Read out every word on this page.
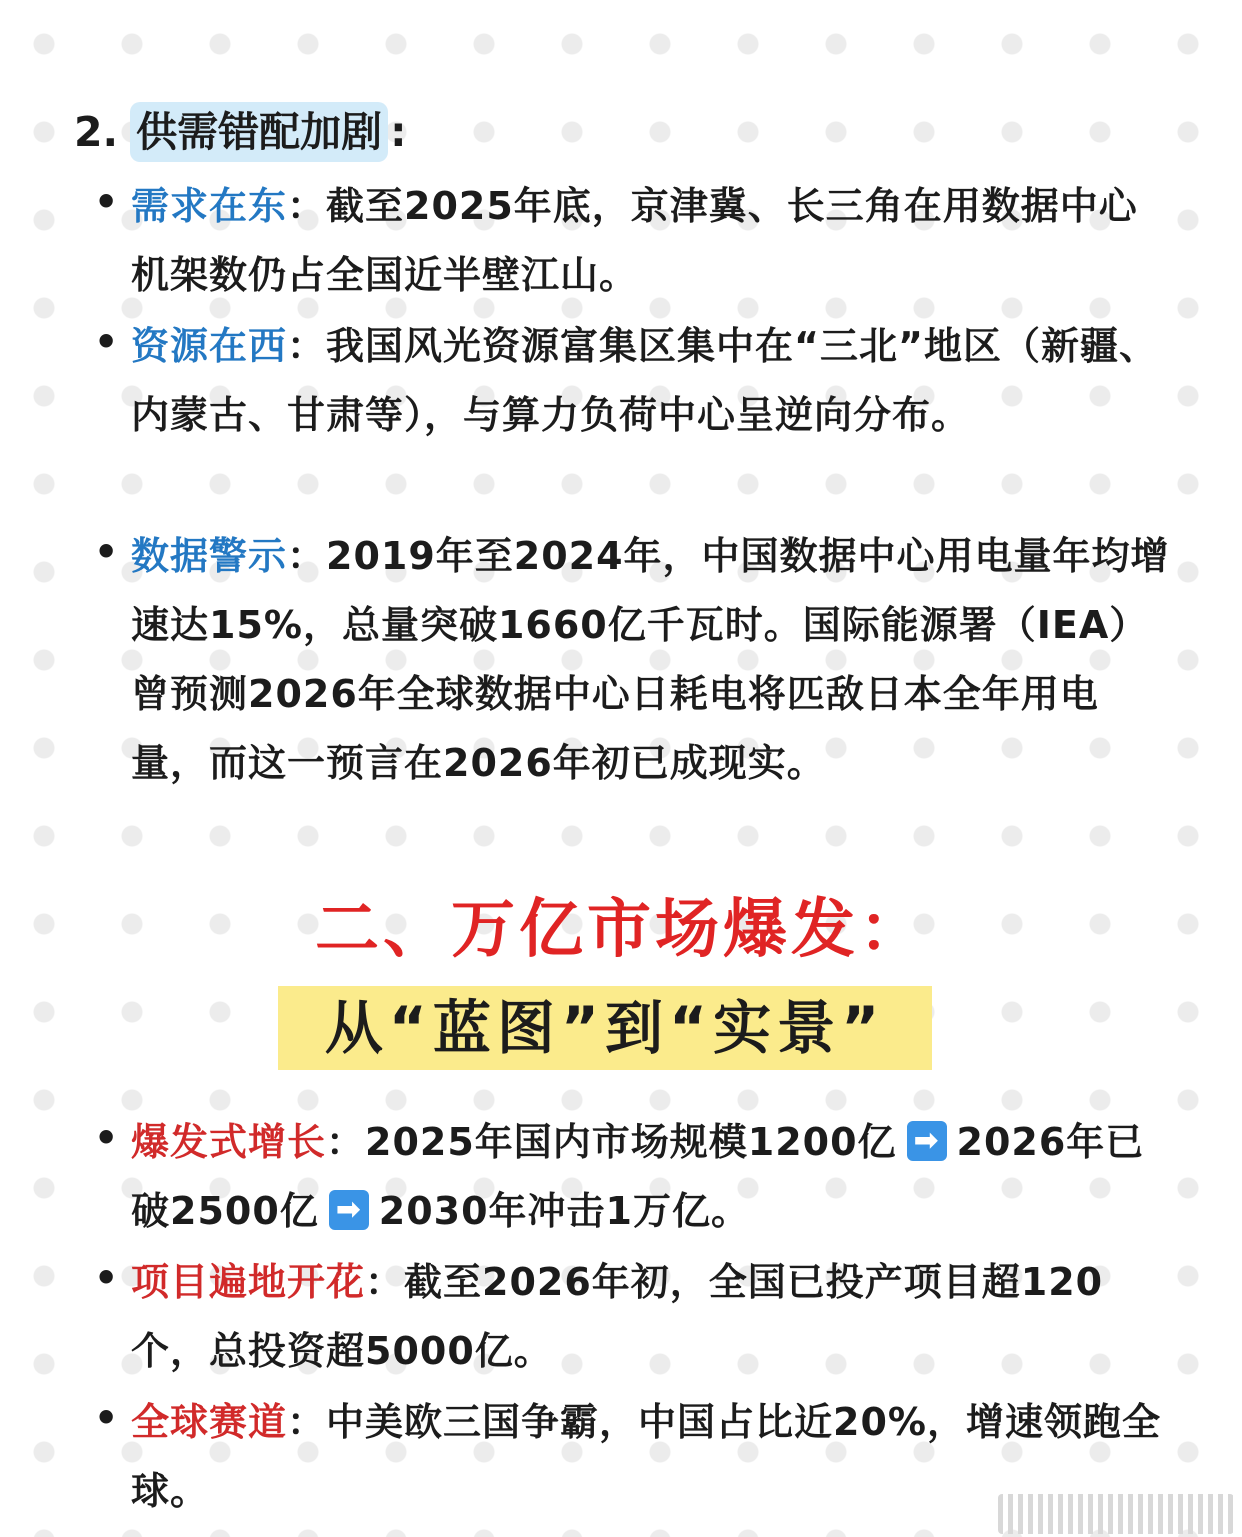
2. 供需错配加剧 :
• 需求在东：截至2025年底，京津冀、长三角在用数据中心机架数仍占全国近半壁江山。

• 资源在西：我国风光资源富集区集中在“三北”地区（新疆、内蒙古、甘肃等），与算力负荷中心呈逆向分布。

• 数据警示：2019年至2024年，中国数据中心用电量年均增速达15%，总量突破1660亿千瓦时。国际能源署（IEA）曾预测2026年全球数据中心日耗电将匹敌日本全年用电量，而这一预言在2026年初已成现实。

二、万亿市场爆发：
从“蓝图”到“实景”
• 爆发式增长：2025年国内市场规模1200亿 ➡ 2026年已破2500亿 ➡ 2030年冲击1万亿。

• 项目遍地开花：截至2026年初，全国已投产项目超120个，总投资超5000亿。

• 全球赛道：中美欧三国争霸，中国占比近20%，增速领跑全球。
